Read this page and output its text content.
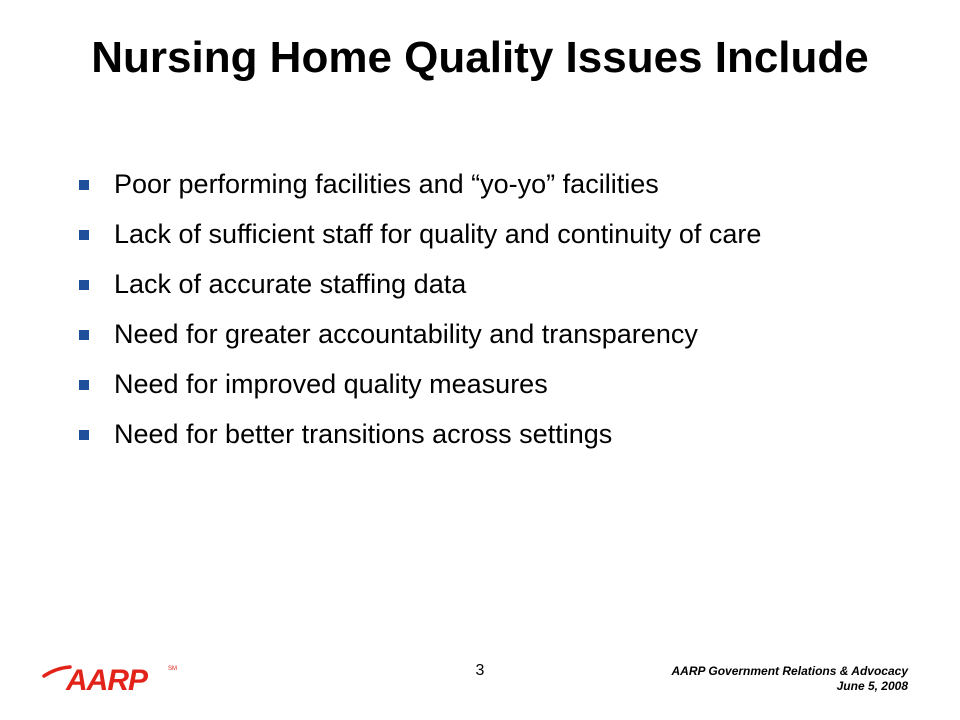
Nursing Home Quality Issues Include
Poor performing facilities and “yo-yo” facilities
Lack of sufficient staff for quality and continuity of care
Lack of accurate staffing data
Need for greater accountability and transparency
Need for improved quality measures
Need for better transitions across settings
AARP	SM	3	AARP Government Relations & Advocacy
June 5, 2008
